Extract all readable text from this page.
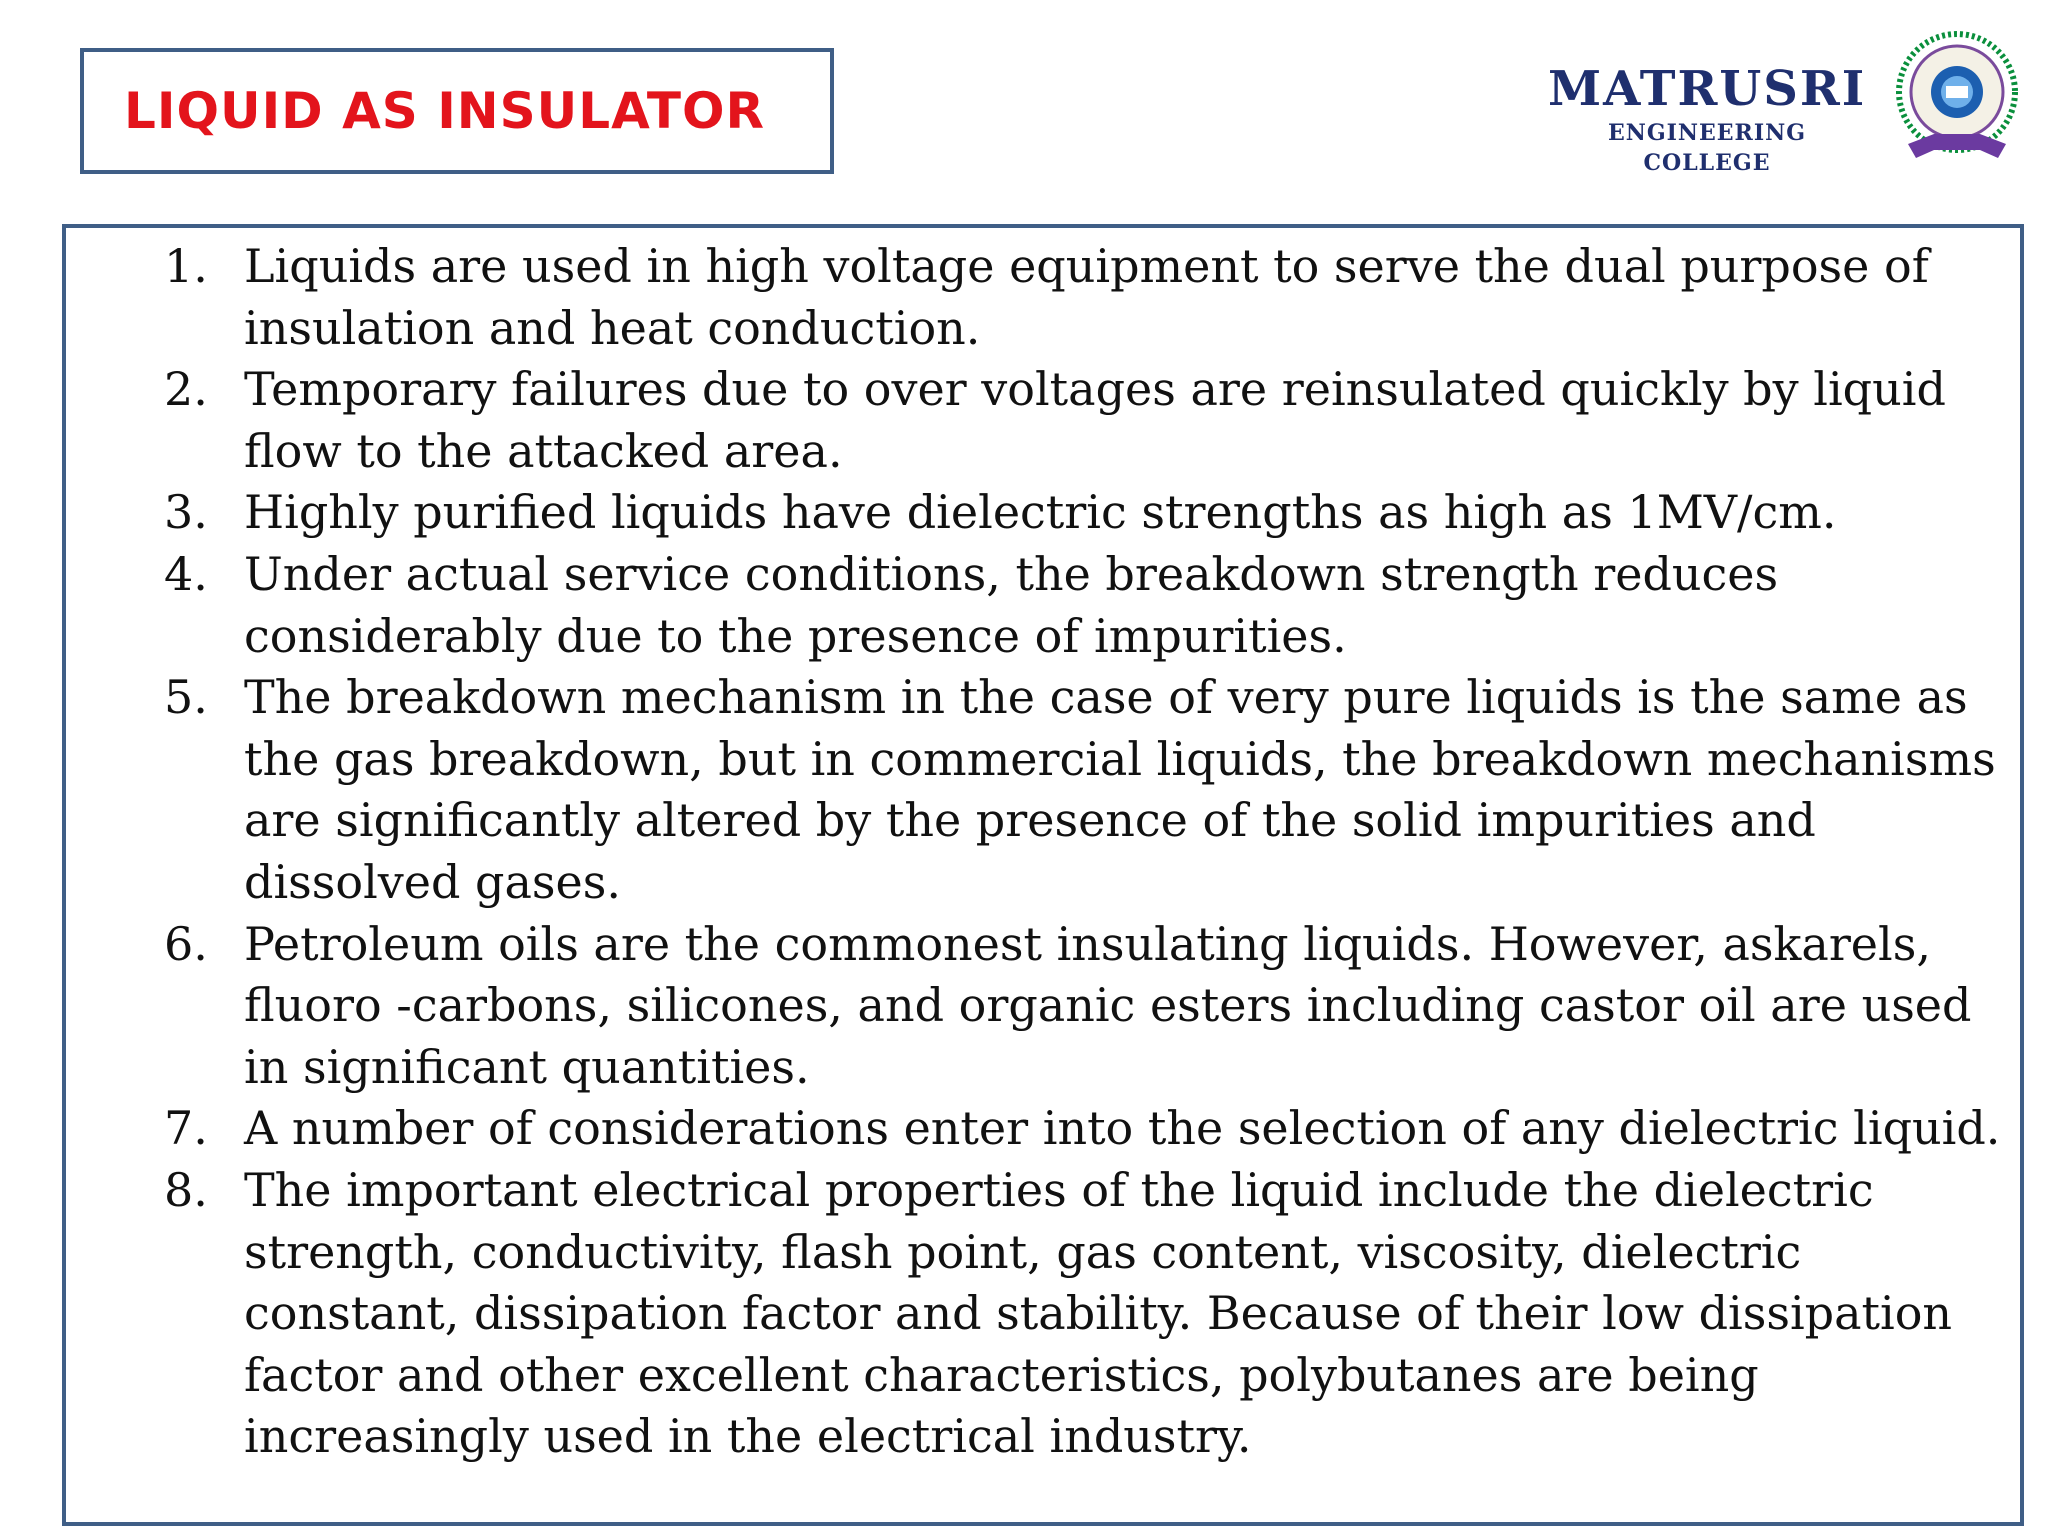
LIQUID AS INSULATOR	MATRUSRI
ENGINEERING COLLEGE
1. Liquids are used in high voltage equipment to serve the dual purpose of insulation and heat conduction.
2. Temporary failures due to over voltages are reinsulated quickly by liquid flow to the attacked area.
3. Highly purified liquids have dielectric strengths as high as 1MV/cm.
4. Under actual service conditions, the breakdown strength reduces considerably due to the presence of impurities.
5. The breakdown mechanism in the case of very pure liquids is the same as the gas breakdown, but in commercial liquids, the breakdown mechanisms are significantly altered by the presence of the solid impurities and dissolved gases.
6. Petroleum oils are the commonest insulating liquids. However, askarels, fluoro -carbons, silicones, and organic esters including castor oil are used in significant quantities.
7. A number of considerations enter into the selection of any dielectric liquid.
8. The important electrical properties of the liquid include the dielectric strength, conductivity, flash point, gas content, viscosity, dielectric constant, dissipation factor and stability. Because of their low dissipation factor and other excellent characteristics, polybutanes are being increasingly used in the electrical industry.
